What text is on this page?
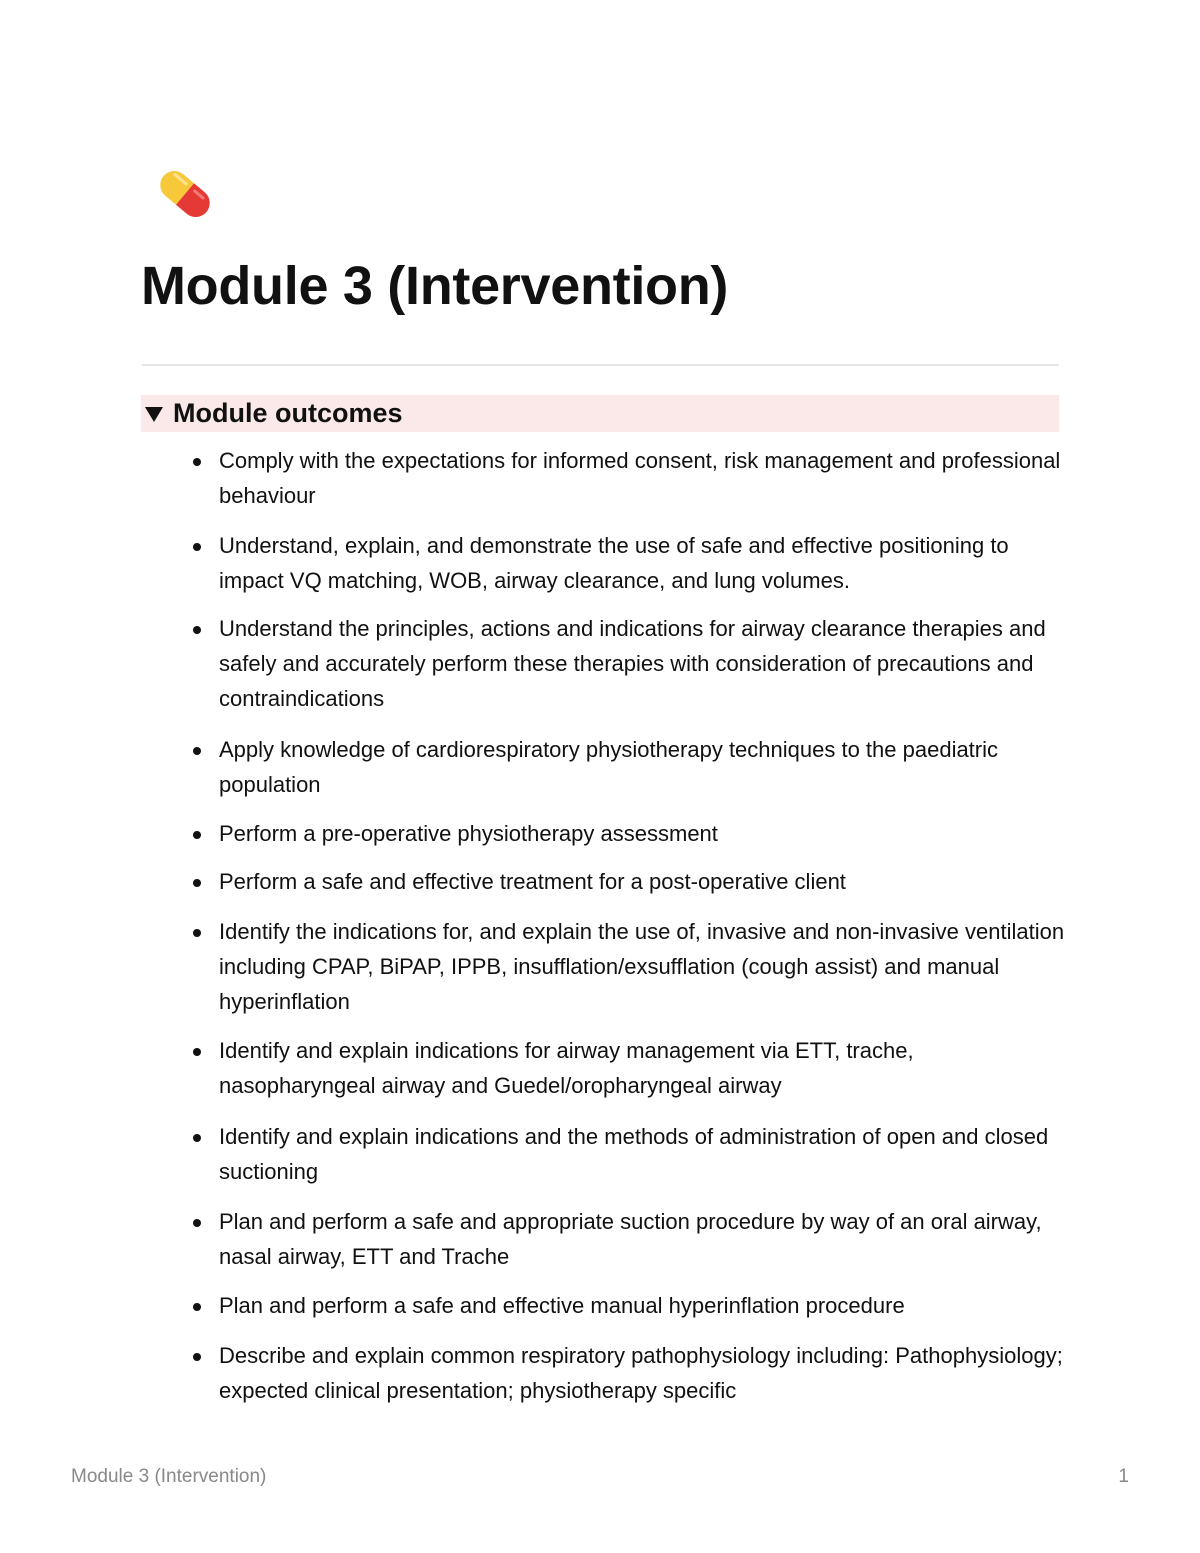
Module 3 (Intervention)
Module outcomes
Comply with the expectations for informed consent, risk management and professional behaviour
Understand, explain, and demonstrate the use of safe and effective positioning to impact VQ matching, WOB, airway clearance, and lung volumes.
Understand the principles, actions and indications for airway clearance therapies and safely and accurately perform these therapies with consideration of precautions and contraindications
Apply knowledge of cardiorespiratory physiotherapy techniques to the paediatric population
Perform a pre-operative physiotherapy assessment
Perform a safe and effective treatment for a post-operative client
Identify the indications for, and explain the use of, invasive and non-invasive ventilation including CPAP, BiPAP, IPPB, insufflation/exsufflation (cough assist) and manual hyperinflation
Identify and explain indications for airway management via ETT, trache, nasopharyngeal airway and Guedel/oropharyngeal airway
Identify and explain indications and the methods of administration of open and closed suctioning
Plan and perform a safe and appropriate suction procedure by way of an oral airway, nasal airway, ETT and Trache
Plan and perform a safe and effective manual hyperinflation procedure
Describe and explain common respiratory pathophysiology including: Pathophysiology; expected clinical presentation; physiotherapy specific
Module 3 (Intervention)	1
